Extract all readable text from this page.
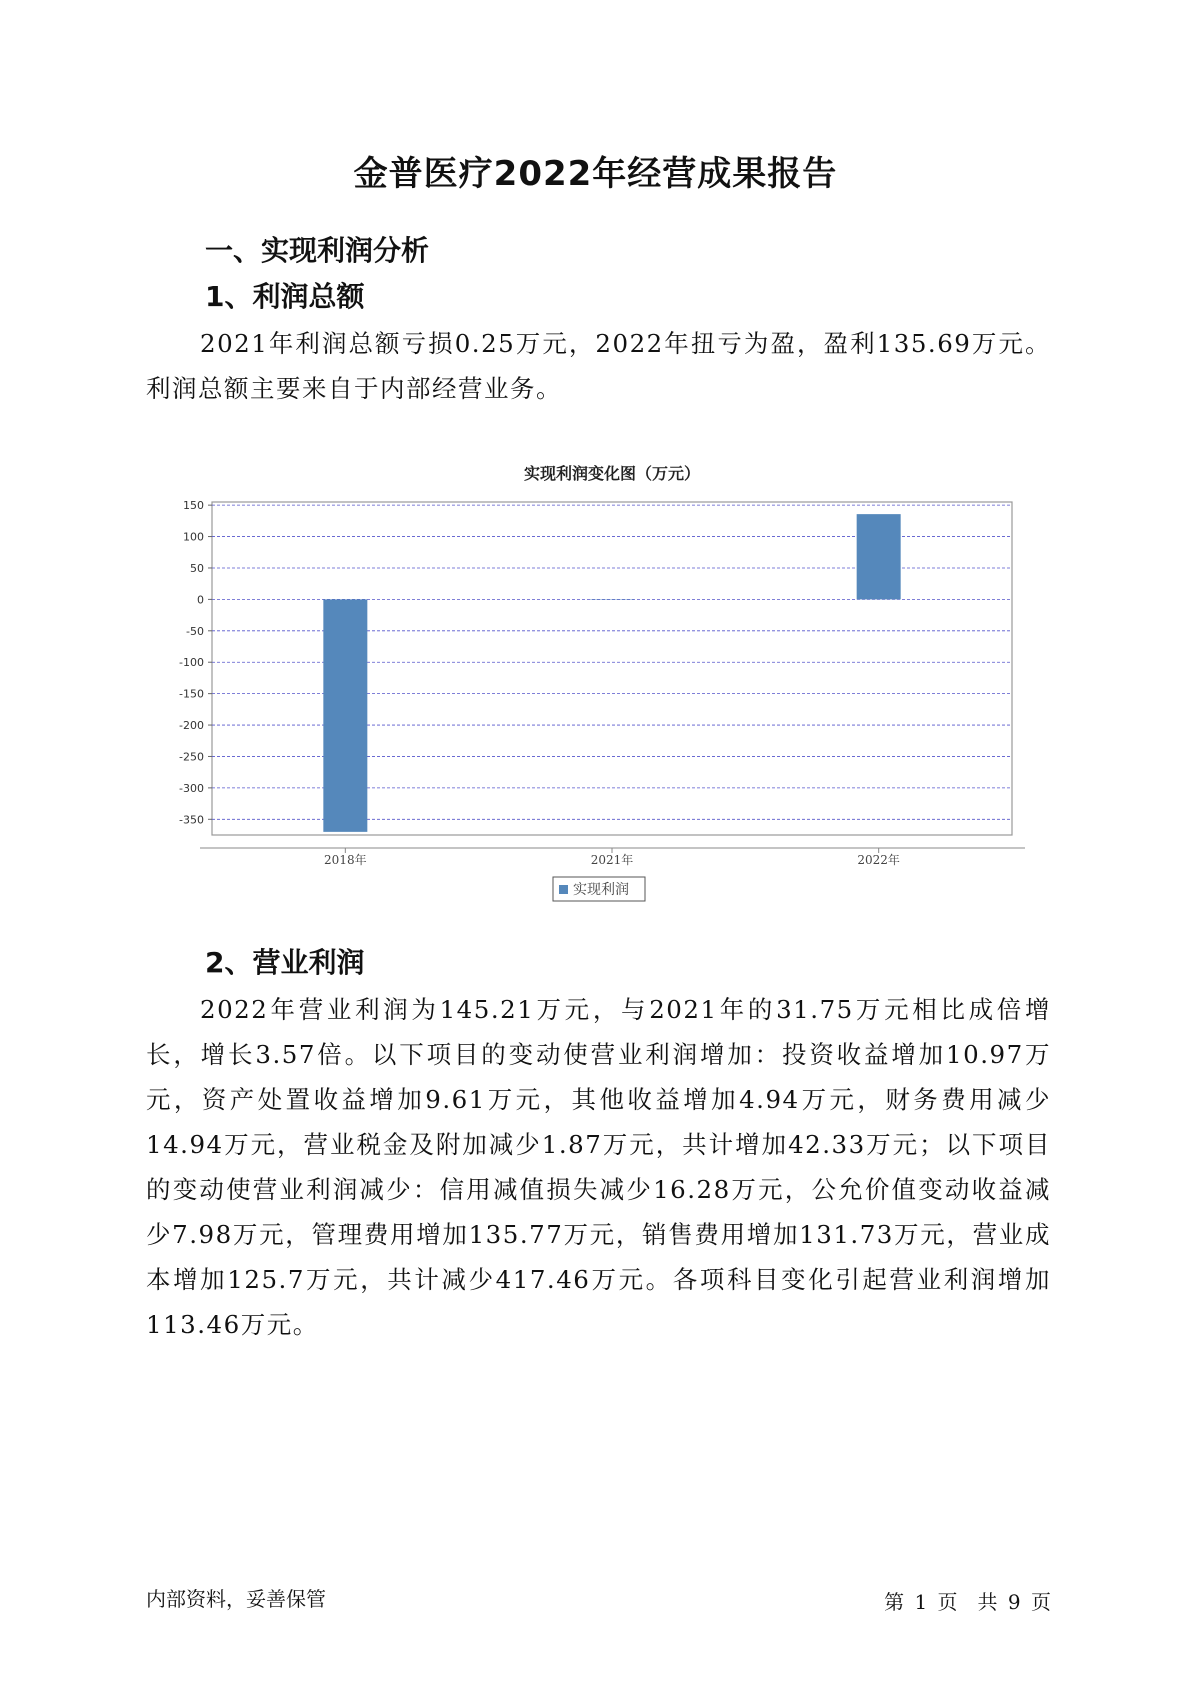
金普医疗2022年经营成果报告
一、实现利润分析
1、利润总额

2021年利润总额亏损0.25万元，2022年扭亏为盈，盈利135.69万元。利润总额主要来自于内部经营业务。

实现利润变化图（万元）
150
100
50
0
-50
-100
-150
-200
-250
-300
-350
2018年	2021年	2022年
实现利润
2、营业利润

2022年营业利润为145.21万元，与2021年的31.75万元相比成倍增长，增长3.57倍。以下项目的变动使营业利润增加：投资收益增加10.97万元，资产处置收益增加9.61万元，其他收益增加4.94万元，财务费用减少14.94万元，营业税金及附加减少1.87万元，共计增加42.33万元；以下项目的变动使营业利润减少：信用减值损失减少16.28万元，公允价值变动收益减少7.98万元，管理费用增加135.77万元，销售费用增加131.73万元，营业成本增加125.7万元，共计减少417.46万元。各项科目变化引起营业利润增加113.46万元。

内部资料，妥善保管	第 1 页　共 9 页
